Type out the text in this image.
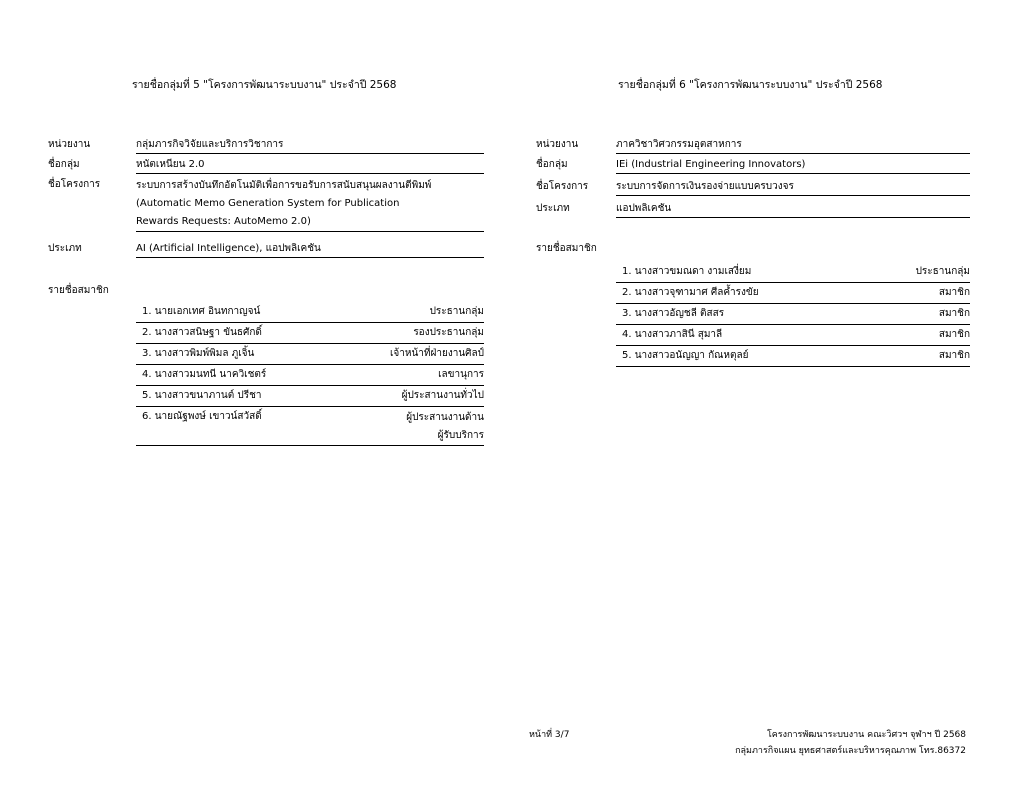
รายชื่อกลุ่มที่ 5 "โครงการพัฒนาระบบงาน" ประจำปี 2568
หน่วยงาน	กลุ่มภารกิจวิจัยและบริการวิชาการ
ชื่อกลุ่ม	หนัตเหนียน 2.0
ชื่อโครงการ	ระบบการสร้างบันทึกอัตโนมัติเพื่อการขอรับการสนับสนุนผลงานตีพิมพ์
(Automatic Memo Generation System for Publication
Rewards Requests: AutoMemo 2.0)
ประเภท	AI (Artificial Intelligence), แอปพลิเคชัน
รายชื่อสมาชิก
1. นายเอกเทศ อินทกาญจน์	ประธานกลุ่ม
2. นางสาวสนิษฐา ขันธศักดิ์	รองประธานกลุ่ม
3. นางสาวพิมพ์พิมล ภูเจิ้น	เจ้าหน้าที่ฝ่ายงานศิลป์
4. นางสาวมนทนี นาควิเชตร์	เลขานุการ
5. นางสาวขนาภานต์ ปรีชา	ผู้ประสานงานทั่วไป
6. นายณัฐพงษ์ เขาวน์สวัสดิ์	ผู้ประสานงานด้าน
ผู้รับบริการ
รายชื่อกลุ่มที่ 6 "โครงการพัฒนาระบบงาน" ประจำปี 2568
หน่วยงาน	ภาควิชาวิศวกรรมอุตสาหการ
ชื่อกลุ่ม	IEi (Industrial Engineering Innovators)
ชื่อโครงการ	ระบบการจัดการเงินรองจ่ายแบบครบวงจร
ประเภท	แอปพลิเคชัน
รายชื่อสมาชิก
1. นางสาวขมณดา งามเสงี่ยม	ประธานกลุ่ม
2. นางสาวจุฑามาศ ศีลค้ำรงขัย	สมาชิก
3. นางสาวอัญชลี ติสสร	สมาชิก
4. นางสาวภาสินี สุมาลี	สมาชิก
5. นางสาวอนัญญา กัณหตุลย์	สมาชิก
หน้าที่ 3/7	โครงการพัฒนาระบบงาน คณะวิศวฯ จุฬาฯ ปี 2568
กลุ่มภารกิจแผน ยุทธศาสตร์และบริหารคุณภาพ โทร.86372
